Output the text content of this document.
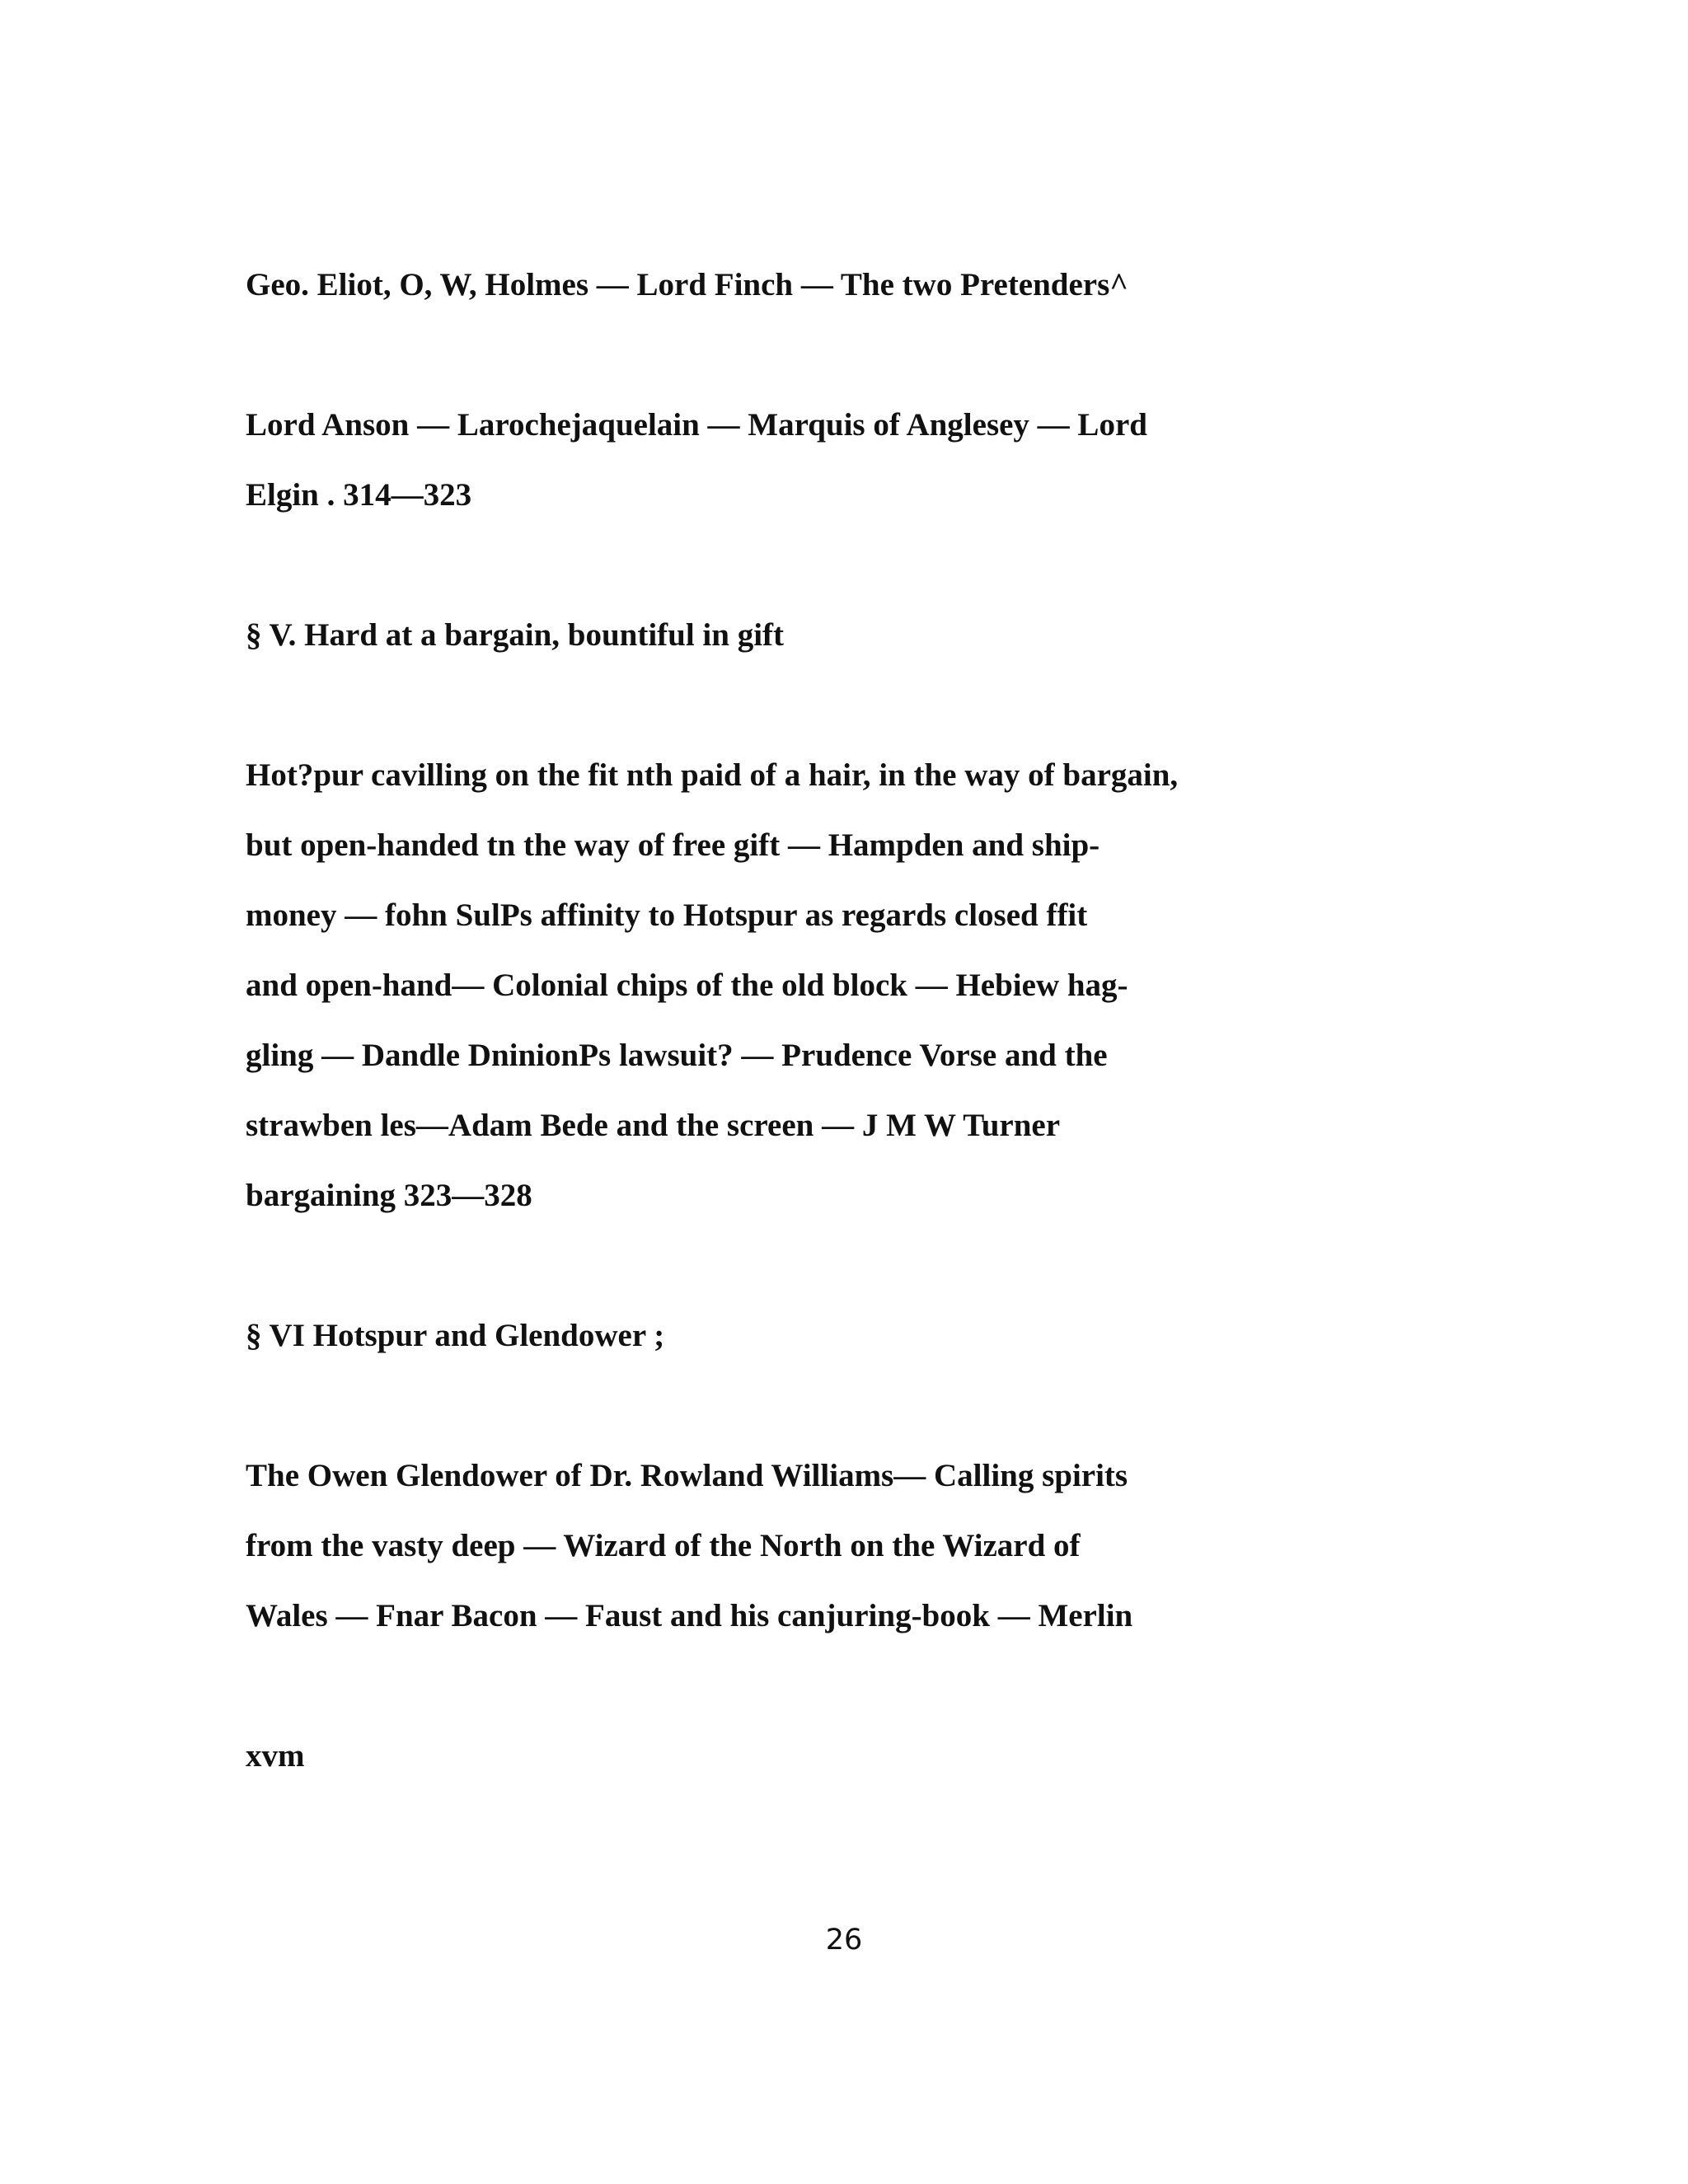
Geo. Eliot, O, W, Holmes — Lord Finch — The two Pretenders^

Lord Anson — Larochejaquelain — Marquis of Anglesey — Lord

Elgin . 314—323

§ V. Hard at a bargain, bountiful in gift

Hot?pur cavilling on the fit nth paid of a hair, in the way of bargain,

but open-handed tn the way of free gift — Hampden and ship-

money — fohn SulPs affinity to Hotspur as regards closed ffit

and open-hand— Colonial chips of the old block — Hebiew hag-

gling — Dandle DninionPs lawsuit? — Prudence Vorse and the

strawben les—Adam Bede and the screen — J M W Turner

bargaining 323—328

§ VI Hotspur and Glendower ;

The Owen Glendower of Dr. Rowland Williams— Calling spirits

from the vasty deep — Wizard of the North on the Wizard of

Wales — Fnar Bacon — Faust and his canjuring-book — Merlin

xvm

26
